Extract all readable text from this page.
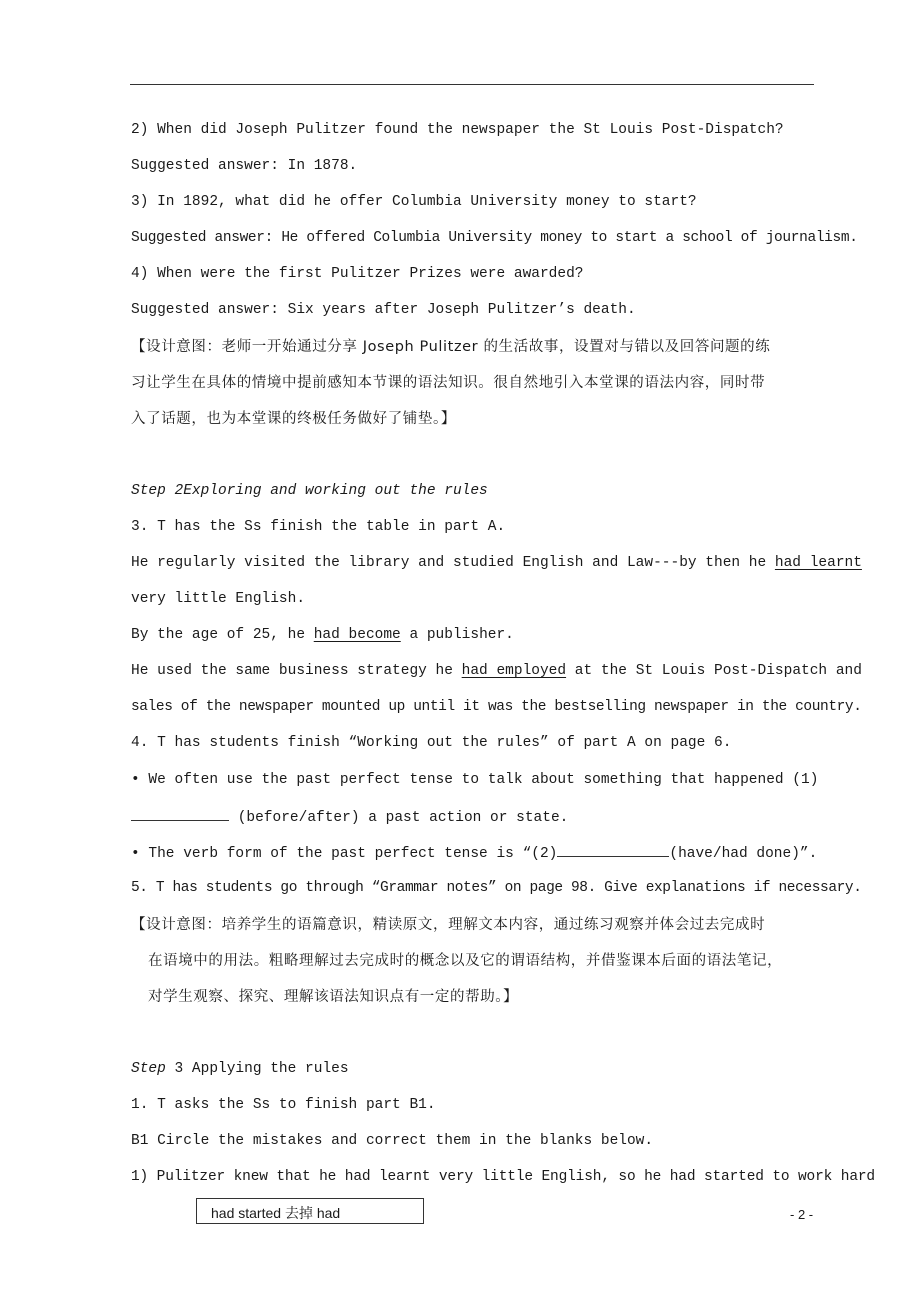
2) When did Joseph Pulitzer found the newspaper the St Louis Post-Dispatch?
Suggested answer: In 1878.
3) In 1892, what did he offer Columbia University money to start?
Suggested answer: He offered Columbia University money to start a school of journalism.
4) When were the first Pulitzer Prizes were awarded?
Suggested answer: Six years after Joseph Pulitzer’s death.
【设计意图：老师一开始通过分享 Joseph Pulitzer 的生活故事，设置对与错以及回答问题的练
习让学生在具体的情境中提前感知本节课的语法知识。很自然地引入本堂课的语法内容，同时带
入了话题，也为本堂课的终极任务做好了铺垫。】
Step 2Exploring and working out the rules
3. T has the Ss finish the table in part A.
He regularly visited the library and studied English and Law---by then he had learnt
very little English.
By the age of 25, he had become a publisher.
He used the same business strategy he had employed at the St Louis Post-Dispatch and
sales of the newspaper mounted up until it was the bestselling newspaper in the country.
4. T has students finish “Working out the rules” of part A on page 6.
• We often use the past perfect tense to talk about something that happened (1)
(before/after) a past action or state.
• The verb form of the past perfect tense is “(2)	(have/had done)”.
5. T has students go through “Grammar notes” on page 98. Give explanations if necessary.
【设计意图：培养学生的语篇意识，精读原文，理解文本内容，通过练习观察并体会过去完成时
在语境中的用法。粗略理解过去完成时的概念以及它的谓语结构，并借鉴课本后面的语法笔记，
对学生观察、探究、理解该语法知识点有一定的帮助。】
Step 3 Applying the rules
1. T asks the Ss to finish part B1.
B1 Circle the mistakes and correct them in the blanks below.
1) Pulitzer knew that he had learnt very little English, so he had started to work hard
had started 去掉 had	- 2 -
